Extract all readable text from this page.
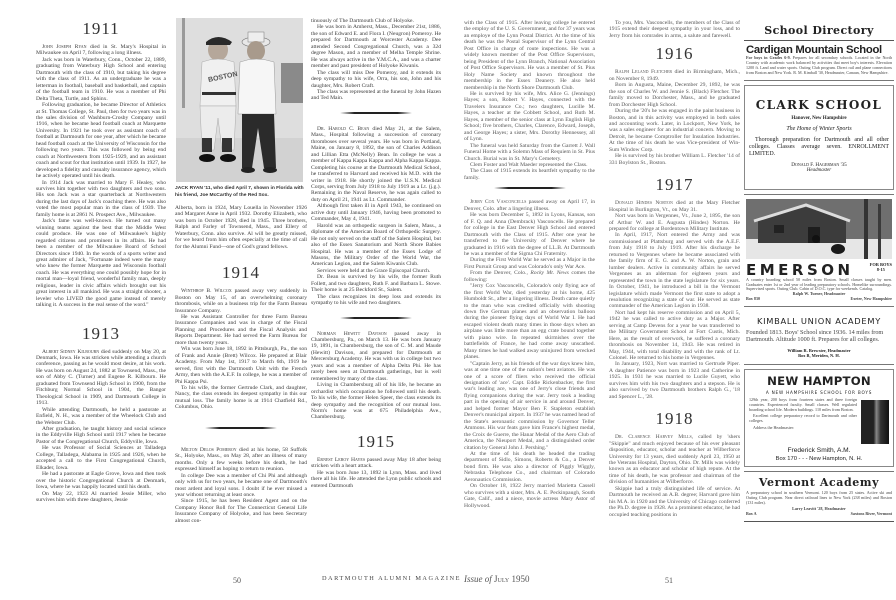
1911

John Joseph Ryan died in St. Mary's Hospital in Milwaukee on April 7, following a long illness.

Jack was born in Waterbury, Conn., October 22, 1889, graduating from Waterbury High School and entering Dartmouth with the class of 1910, but taking his degree with the class of 1911. As an undergraduate he was a letterman in football, baseball and basketball, and captain of the football team in 1910. He was a member of Phi Delta Theta, Turtle, and Sphinx.

Following graduation, he became Director of Athletics at St. Thomas College, St. Paul, then for two years was in the sales division of Washburn-Crosby Company until 1916, when he became head football coach at Marquette University. In 1921 he took over as assistant coach of football at Dartmouth for one year, after which he became head football coach at the University of Wisconsin for the following two years. This was followed by being end coach at Northwestern from 1925-1929, and an assistant coach and scout for that institution until 1939. In 1927, he developed a fidelity and casualty insurance agency, which he actively operated until his death.

In 1914 Jack was married to Mary F. Healey, who survives him together with two daughters and two sons. His son Jack was a star quarterback at Northwestern during the last days of Jack's coaching there. He was also voted the most popular man in the class of 1939. The family home is at 2861 N. Prospect Ave., Milwaukee.

Jack's fame was well-known. He turned out many winning teams against the best that the Middle West could produce. He was one of Milwaukee's highly regarded citizens and prominent in its affairs. He had been a member of the Milwaukee Board of School Directors since 1940. In the words of a sports writer and great admirer of Jack, "Fortunate indeed were the many who knew the former Marquette and Wisconsin football coach. He was everything one could possibly hope for in mortal man—loyal friend, wonderful family man, deeply religious, leader in civic affairs which brought out his great interest in all mankind. He was a straight shooter, a leveler who LIVED the good game instead of merely talking it. A success in the real sense of the word."

1913

Albert Sidney Kilbourn died suddenly on May 20, at Denmark, Iowa. He was stricken while attending a church conference, passing as he would most desire, at his work. He was born on August 24, 1882 at Townsend, Mass., the son of Abby C. (Turner) and Eugene R. Kilbourn. He graduated from Townsend High School in 1900, from the Fitchburg Normal School in 1904, the Bangor Theological School in 1909, and Dartmouth College in 1913.

While attending Dartmouth, he held a pastorate at Enfield, N. H., was a member of the Wheelock Club and the Webster Club.

After graduation, he taught history and social science in the Eddyville High School until 1917 when he became Pastor of the Congregational Church, Eddyville, Iowa.

He was Professor of Social Sciences at Talladega College, Talladega, Alabama in 1925 and 1926, when he accepted a call to the First Congregational Church, Elkader, Iowa.

He had a pastorate at Eagle Grove, Iowa and then took over the historic Congregational Church at Denmark, Iowa, where he was happily located until his death.

On May 22, 1923 Al married Jessie Miller, who survives him with three daughters, Jessie

BOSTON
JACK RYAN '11, who died April 7, shown in Florida with his friend, Joe McCarthy of the Red Sox.

Alberta, born in 1924, Mary Louella in November 1926 and Margaret Anne in April 1932. Dorothy Elizabeth, who was born in October 1928, died in 1945. Three brothers, Ralph and Farley of Townsend, Mass., and Ellery of Waterbury, Conn. also survive. Al will be greatly missed, for we heard from him often especially at the time of call for the Alumni Fund—one of God's grand fellows.

1914

Winthrop B. Wilcox passed away very suddenly in Boston on May 15, of an overwhelming coronary thrombosis, while on a business trip for the Farm Bureau Insurance Company.

He was Assistant Controller for three Farm Bureau Insurance Companies and was in charge of the Fiscal Planning and Procedures and the Fiscal Analysis and Reports Department. He had served the Farm Bureau for more than twenty years.

Win was born June 18, 1892 in Pittsburgh, Pa., the son of Frank and Annie (Brett) Wilcox. He prepared at Blair Academy. From May 1st, 1917 to March 6th, 1919 he served, first with the Dartmouth Unit with the French Army, then with the A.E.F. In college, he was a member of Phi Kappa Psi.

To his wife, the former Gertrude Clark, and daughter, Nancy, the class extends its deepest sympathy in this our mutual loss. The family home is at 1914 Chatfield Rd., Columbus, Ohio.

Milton Delos Pomeroy died at his home, 58 Suffolk St., Holyoke, Mass., on May 28, after an illness of many months. Only a few weeks before his death, he had expressed himself as hoping to return to reunion.

In college Dee was a member of Chi Phi and although only with us for two years, he became one of Dartmouth's most ardent and loyal sons. I doubt if he ever missed a year without returning at least once.

Since 1915, he has been Resident Agent and on the Company Honor Roll for The Connecticut General Life Insurance Company of Holyoke, and has been Secretary almost con-

tinuously of The Dartmouth Club of Holyoke.

He was born in Amherst, Mass., December 21st, 1886, the son of Edward E. and Flora I. (Neugron) Pomeroy. He prepared for Dartmouth at Worcester Academy. Dee attended Second Congregational Church, was a 32d degree Mason, and a member of Melha Temple Shrine. He was always active in the Y.M.C.A., and was a charter member and past president of Holyoke Kiwanis.

The class will miss Dee Pomeroy, and it extends its deep sympathy to his wife, Orra, his son, John and his daughter, Mrs. Robert Craft.

The class was represented at the funeral by John Hazen and Ted Main.

Dr. Harold C. Bean died May 21, at the Salem, Mass., Hospital following a succession of coronary thromboses over several years. He was born in Portland, Maine, on January 8, 1892, the son of Charles Addison and Lillian Etta (McNelly) Bean. In college he was a member of Kappa Kappa Kappa and Alpha Kappa Kappa. Completing his course at the Dartmouth Medical School, he transferred to Harvard and received his M.D. with the writer in 1918. He shortly joined the U.S.N. Medical Corps, serving from July 1918 to July 1919 as a Lt. (j.g.). Remaining in the Naval Reserve, he was again called to duty on April 21, 1941 as Lt. Commander.

Although first taken ill in April 1943, he continued on active duty until January 1946, having been promoted to Commander, May 4, 1941.

Harold was an orthopedic surgeon in Salem, Mass., a diplomate of the American Board of Orthopedic Surgery. He not only served on the staff of the Salem Hospital, but also of the Essex Sanatorium and North Shore Babies Hospital. He was a member of the Essex Lodge of Masons, the Military Order of the World War, the American Legion, and the Salem Kiwanis Club.

Services were held at the Grace Episcopal Church.

Dr. Bean is survived by his wife, the former Ruth Follett, and two daughters, Ruth F. and Barbara L. Stowe. Their home is at 25 Beckford St., Salem.

The class recognizes its deep loss and extends its sympathy to his wife and two daughters.

Norman Hewitt Davison passed away in Chambersburg, Pa., on March 13. He was born January 19, 1891, in Chambersburg, the son of C. M. and Maude (Hewitt) Davison, and prepared for Dartmouth at Mercersburg Academy. He was with us in college but two years and was a member of Alpha Delta Phi. He has rarely been seen at Dartmouth gatherings, but is well remembered by many of the class.

Living in Chambersburg all of his life, he became an orchardist which occupation he followed until his death. To his wife, the former Helen Speer, the class extends its deep sympathy and the recognition of our mutual loss. Norm's home was at 675 Philadelphia Ave., Chambersburg.

1915

Ernest Leroy Hayes passed away May 18 after being stricken with a heart attack.

He was born June 13, 1892 in Lynn, Mass. and lived there all his life. He attended the Lynn public schools and entered Dartmouth

with the Class of 1915. After leaving college he entered the employ of the U. S. Government, and for 37 years was an employe of the Lynn Postal District. At the time of his death he was the Postal Supervisor of the Lynn Central Post Office in charge of route inspections. He was a widely known member of the Post Office Supervisors, being President of the Lynn Branch, National Association of Post Office Supervisors. He was a member of St. Pius Holy Name Society and known throughout the membership in the Essex Deanery. He also held membership in the North Shore Dartmouth Club.

He is survived by his wife, Mrs. Alice G. (Jennings) Hayes; a son, Robert V. Hayes, connected with the Travelers Insurance Co.; two daughters, Lucille M. Hayes, a teacher at the Cobbett School, and Ruth M. Hayes, a member of the senior class at Lynn English High School; five brothers, Charles, Clarence, Edward, Joseph, and George Hayes; a sister, Mrs. Dorothy Hennessey, all of Lynn.

The funeral was held Saturday from the Garrett J. Wall Funeral Home with a Solemn Mass of Requiem in St. Pius Church. Burial was in St. Mary's Cemetery.

Clem Foster and Walt Maeder represented the Class.

The Class of 1915 extends its heartfelt sympathy to the family.

Jerry Cox Vasconcells passed away on April 17, in Denver, Colo. after a lingering illness.

He was born December 5, 1892 in Lyons, Kansas, son of F. Q. and Anna (Dembrack) Vasconcells. He prepared for college in the East Denver High School and entered Dartmouth with the Class of 1915. After one year he transferred to the University of Denver where he graduated in 1916 with the degree of LL.B. At Dartmouth he was a member of the Sigma Chi Fraternity.

During the First World War he served as a Major in the First Pursuit Group and was Colorado's only War Ace.

From the Denver, Colo., Rocky Mt. News comes the following:

"Jerry Cox Vasconcells, Colorado's only flying ace of the first World War, died yesterday at his home, 425 Humboldt St., after a lingering illness. Death came quietly to the man who was credited officially with shooting down five German planes and an observation balloon during the pioneer flying days of World War I. He had escaped violent death many times in those days when an airplane was little more than an egg crate bound together with piano wire. In repeated skirmishes over the battlefields of France, he had come away unscathed. Many times he had walked away uninjured from wrecked planes.

"Captain Jerry, as his friends of the war days knew him, was at one time one of the nation's best aviators. He was one of a score of fliers who received the official designation of 'ace'. Capt. Eddie Rickenbacker, the first war's leading ace, was one of Jerry's close friends and flying companions during the war. Jerry took a leading part in the opening of air service in and around Denver, and helped former Mayor Ben F. Stapleton establish Denver's municipal airport. In 1937 he was named head of the State's aeronautic commission by Governor Teller Ammons. His war feats gave him France's highest medal, the Croix de Guerre, the Hanar Medal of the Aero Club of America, the Nieuport Medal, and a distinguished order citation by General John J. Pershing."

At the time of his death he headed the trading department of Sidlo, Simons, Roberts & Co., a Denver bond firm. He was also a director of Piggly Wiggly, Nebraska Telephone Co., and chairman of Colorado Aeronautics Commission.

On October 18, 1922 Jerry married Marietta Cassell who survives with a sister, Mrs. A. E. Peckinpaugh, South Gate, Calif., and a niece, movie actress Mary Astor of Hollywood.

To you, Mrs. Vasconcells, the members of the Class of 1915 extend their deepest sympathy in your loss, and to Jerry from his comrades in arms, a salute and farewell.

1916

Ralph Leland Fletcher died in Birmingham, Mich., on November 8, 1949.

Born in Augusta, Maine, December 29, 1892, he was the son of Charles W. and Jennie S. (Black) Fletcher. The family moved to Dorchester, Mass., and he graduated from Dorchester High School.

During the '20's he was engaged in the paint business in Boston, and in this activity was employed in both sales and accounting work. Later, in Lockport, New York, he was a sales engineer for an industrial concern. Moving to Detroit, he became Comptroller for Insulation Industries. At the time of his death he was Vice-president of Win-Sum Window Corp.

He is survived by his brother William L. Fletcher '14 of 331 Boylston St., Boston.

1917

Donald Hindes Norton died at the Mary Fletcher Hospital in Burlington, Vt., on May 31.

Nort was born in Vergennes, Vt., June 2, 1895, the son of Arthur W. and E. Augusta (Hindes) Norton. He prepared for college at Bordentown Military Institute.

In April, 1917, Nort entered the Army and was commissioned at Plattsburg and served with the A.E.F. from July 1918 to July 1919. After his discharge he returned to Vergennes where he became associated with the family firm of E. G. and A. W. Norton, grain and lumber dealers. Active in community affairs he served Vergennes as an alderman for eighteen years and represented the town in the state legislature for six years. In October, 1941, he introduced a bill in the Vermont legislature which made Vermont the first state to adopt a resolution recognizing a state of war. He served as state commander of the American Legion in 1938.

Nort had kept his reserve commission and on April 5, 1942 he was called to active duty as a Major. After serving at Camp Devens for a year he was transferred to the Military Government School at Fort Custis, Mich. Here, as the result of overwork, he suffered a coronary thrombosis on November 14, 1943. He was retired in May, 1944, with total disability and with the rank of Lt. Colonel. He returned to his home in Vergennes.

In January, 1923, Nort was married to Gertrude Piper. A daughter Patience was born in 1923 and Catherine in 1925. In 1931 he was married to Lucile Guyett, who survives him with his two daughters and a stepson. He is also survived by two Dartmouth brothers Ralph G., '18 and Spencer L., '28.

1918

Dr. Clarence Harvey Mills, called by 'shers "Skippie" and much enjoyed because of his ever pleasant disposition, educator, scholar and teacher at Wilberforce University for 13 years, died suddenly April 23, 1950 at the Veterans Hospital, Dayton, Ohio. Dr. Mills was widely known as an educator and scholar of high repute. At the time of his death, he was professor and chairman of the division of humanities at Wilberforce.

Skippie had a truly distinguished life of service. At Dartmouth he received an A.B. degree; Harvard gave him his M.A. in 1920 and the University of Chicago conferred the Ph.D. degree in 1928. As a prominent educator, he had occupied teaching positions in

50	DARTMOUTH ALUMNI MAGAZINE Issue of July 1950	51
School Directory
Cardigan Mountain School
For boys in Grades 6-9. Prepares for all secondary schools. Located in the North Country with academic work balanced by activities that meet boy's interests. Elevation 1200 ft. Land and water sports. Outing Club program. Direct rail and plane connections from Boston and New York. R. M. Kimball '30, Headmaster, Canaan, New Hampshire.
CLARK SCHOOL
Hanover, New Hampshire
The Home of Winter Sports
Thorough preparation for Dartmouth and all other colleges. Classes average seven. ENROLLMENT LIMITED.
Donald F. Hagerman '35
Headmaster
EMERSON	FOR BOYS
8-15
A country boarding school 50 miles from Boston. Small classes taught by men. Graduates enter 1st or 2nd year of leading preparatory schools. Homelike surroundings. Supervised sports. Outing Club. Cabin of D.O.C. type for weekends. Catalog.
Ralph W. Turner, Headmaster
Box 830	Exeter, New Hampshire
KIMBALL UNION ACADEMY
Founded 1813. Boys' School since 1936. 14 miles from Dartmouth. Altitude 1000 ft. Prepares for all colleges.
William R. Brewster, Headmaster
Box B, Meriden, N. H.
NEW HAMPTON
A NEW HAMPSHIRE SCHOOL FOR BOYS
129th year, 200 boys from fourteen states and three foreign countries. Experienced faculty. Small classes. Well regulated boarding school life. Modern buildings. 110 miles from Boston.
Excellent college preparatory record to Dartmouth and other colleges.
Address the Headmaster:
Frederick Smith, A.M.
Box 170 - - - New Hampton, N. H.
Vermont Academy
A preparatory school in southern Vermont. 120 boys from 25 states. Active ski and Outing Club program. Near direct railroad lines to New York (238 miles) and Boston (131 miles).
Larry Leavitt '28, Headmaster
Box A	Saxtons River, Vermont
